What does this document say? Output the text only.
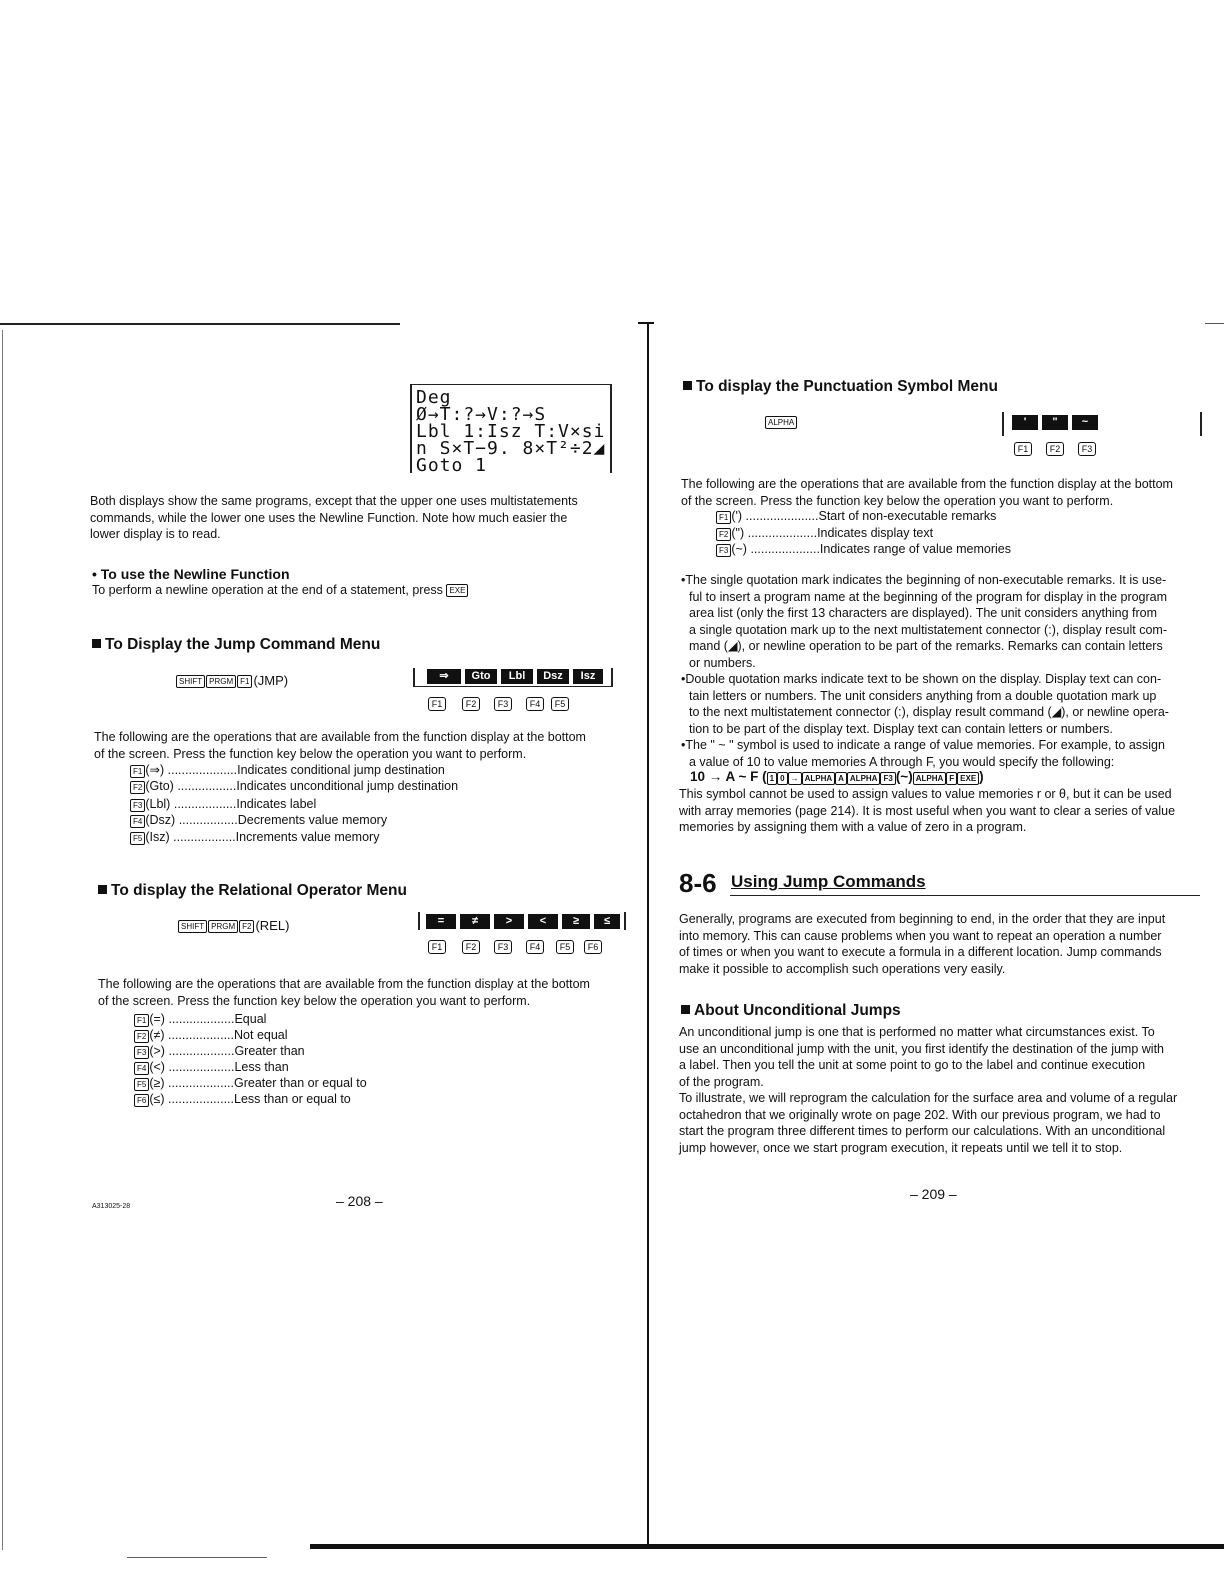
Deg
Ø→T:?→V:?→S
Lbl 1:Isz T:V×si
n S×T−9. 8×T²÷2◢
Goto 1
Both displays show the same programs, except that the upper one uses multistatements
commands, while the lower one uses the Newline Function. Note how much easier the
lower display is to read.
• To use the Newline Function
To perform a newline operation at the end of a statement, press EXE
To Display the Jump Command Menu
SHIFT PRGM F1 (JMP)	⇒	Gto	Lbl	Dsz	Isz
F1	F2	F3	F4	F5
The following are the operations that are available from the function display at the bottom
of the screen. Press the function key below the operation you want to perform.
F1 (⇒) ....................Indicates conditional jump destination
F2 (Gto) .................Indicates unconditional jump destination
F3 (Lbl) ..................Indicates label
F4 (Dsz) .................Decrements value memory
F5 (Isz) ..................Increments value memory
To display the Relational Operator Menu
SHIFT PRGM F2 (REL)	=	≠	>	<	≥	≤
F1	F2	F3	F4	F5	F6
The following are the operations that are available from the function display at the bottom
of the screen. Press the function key below the operation you want to perform.
F1 (=) ...................Equal
F2 (≠) ...................Not equal
F3 (>) ...................Greater than
F4 (<) ...................Less than
F5 (≥) ...................Greater than or equal to
F6 (≤) ...................Less than or equal to
– 208 –
A313025-28
To display the Punctuation Symbol Menu
ALPHA	'	"	~
F1	F2	F3
The following are the operations that are available from the function display at the bottom
of the screen. Press the function key below the operation you want to perform.
F1 (') .....................Start of non-executable remarks
F2 (") ....................Indicates display text
F3 (~) ....................Indicates range of value memories
•The single quotation mark indicates the beginning of non-executable remarks. It is use-
ful to insert a program name at the beginning of the program for display in the program
area list (only the first 13 characters are displayed). The unit considers anything from
a single quotation mark up to the next multistatement connector (:), display result com-
mand (◢), or newline operation to be part of the remarks. Remarks can contain letters
or numbers.
•Double quotation marks indicate text to be shown on the display. Display text can con-
tain letters or numbers. The unit considers anything from a double quotation mark up
to the next multistatement connector (:), display result command (◢), or newline opera-
tion to be part of the display text. Display text can contain letters or numbers.
•The " ~ " symbol is used to indicate a range of value memories. For example, to assign
a value of 10 to value memories A through F, you would specify the following:
10 → A ~ F ( 1 0 → ALPHA A ALPHA F3 (~) ALPHA F EXE )
This symbol cannot be used to assign values to value memories r or θ, but it can be used
with array memories (page 214). It is most useful when you want to clear a series of value
memories by assigning them with a value of zero in a program.
8-6 Using Jump Commands
Generally, programs are executed from beginning to end, in the order that they are input
into memory. This can cause problems when you want to repeat an operation a number
of times or when you want to execute a formula in a different location. Jump commands
make it possible to accomplish such operations very easily.
About Unconditional Jumps
An unconditional jump is one that is performed no matter what circumstances exist. To
use an unconditional jump with the unit, you first identify the destination of the jump with
a label. Then you tell the unit at some point to go to the label and continue execution
of the program.
To illustrate, we will reprogram the calculation for the surface area and volume of a regular
octahedron that we originally wrote on page 202. With our previous program, we had to
start the program three different times to perform our calculations. With an unconditional
jump however, once we start program execution, it repeats until we tell it to stop.
– 209 –
